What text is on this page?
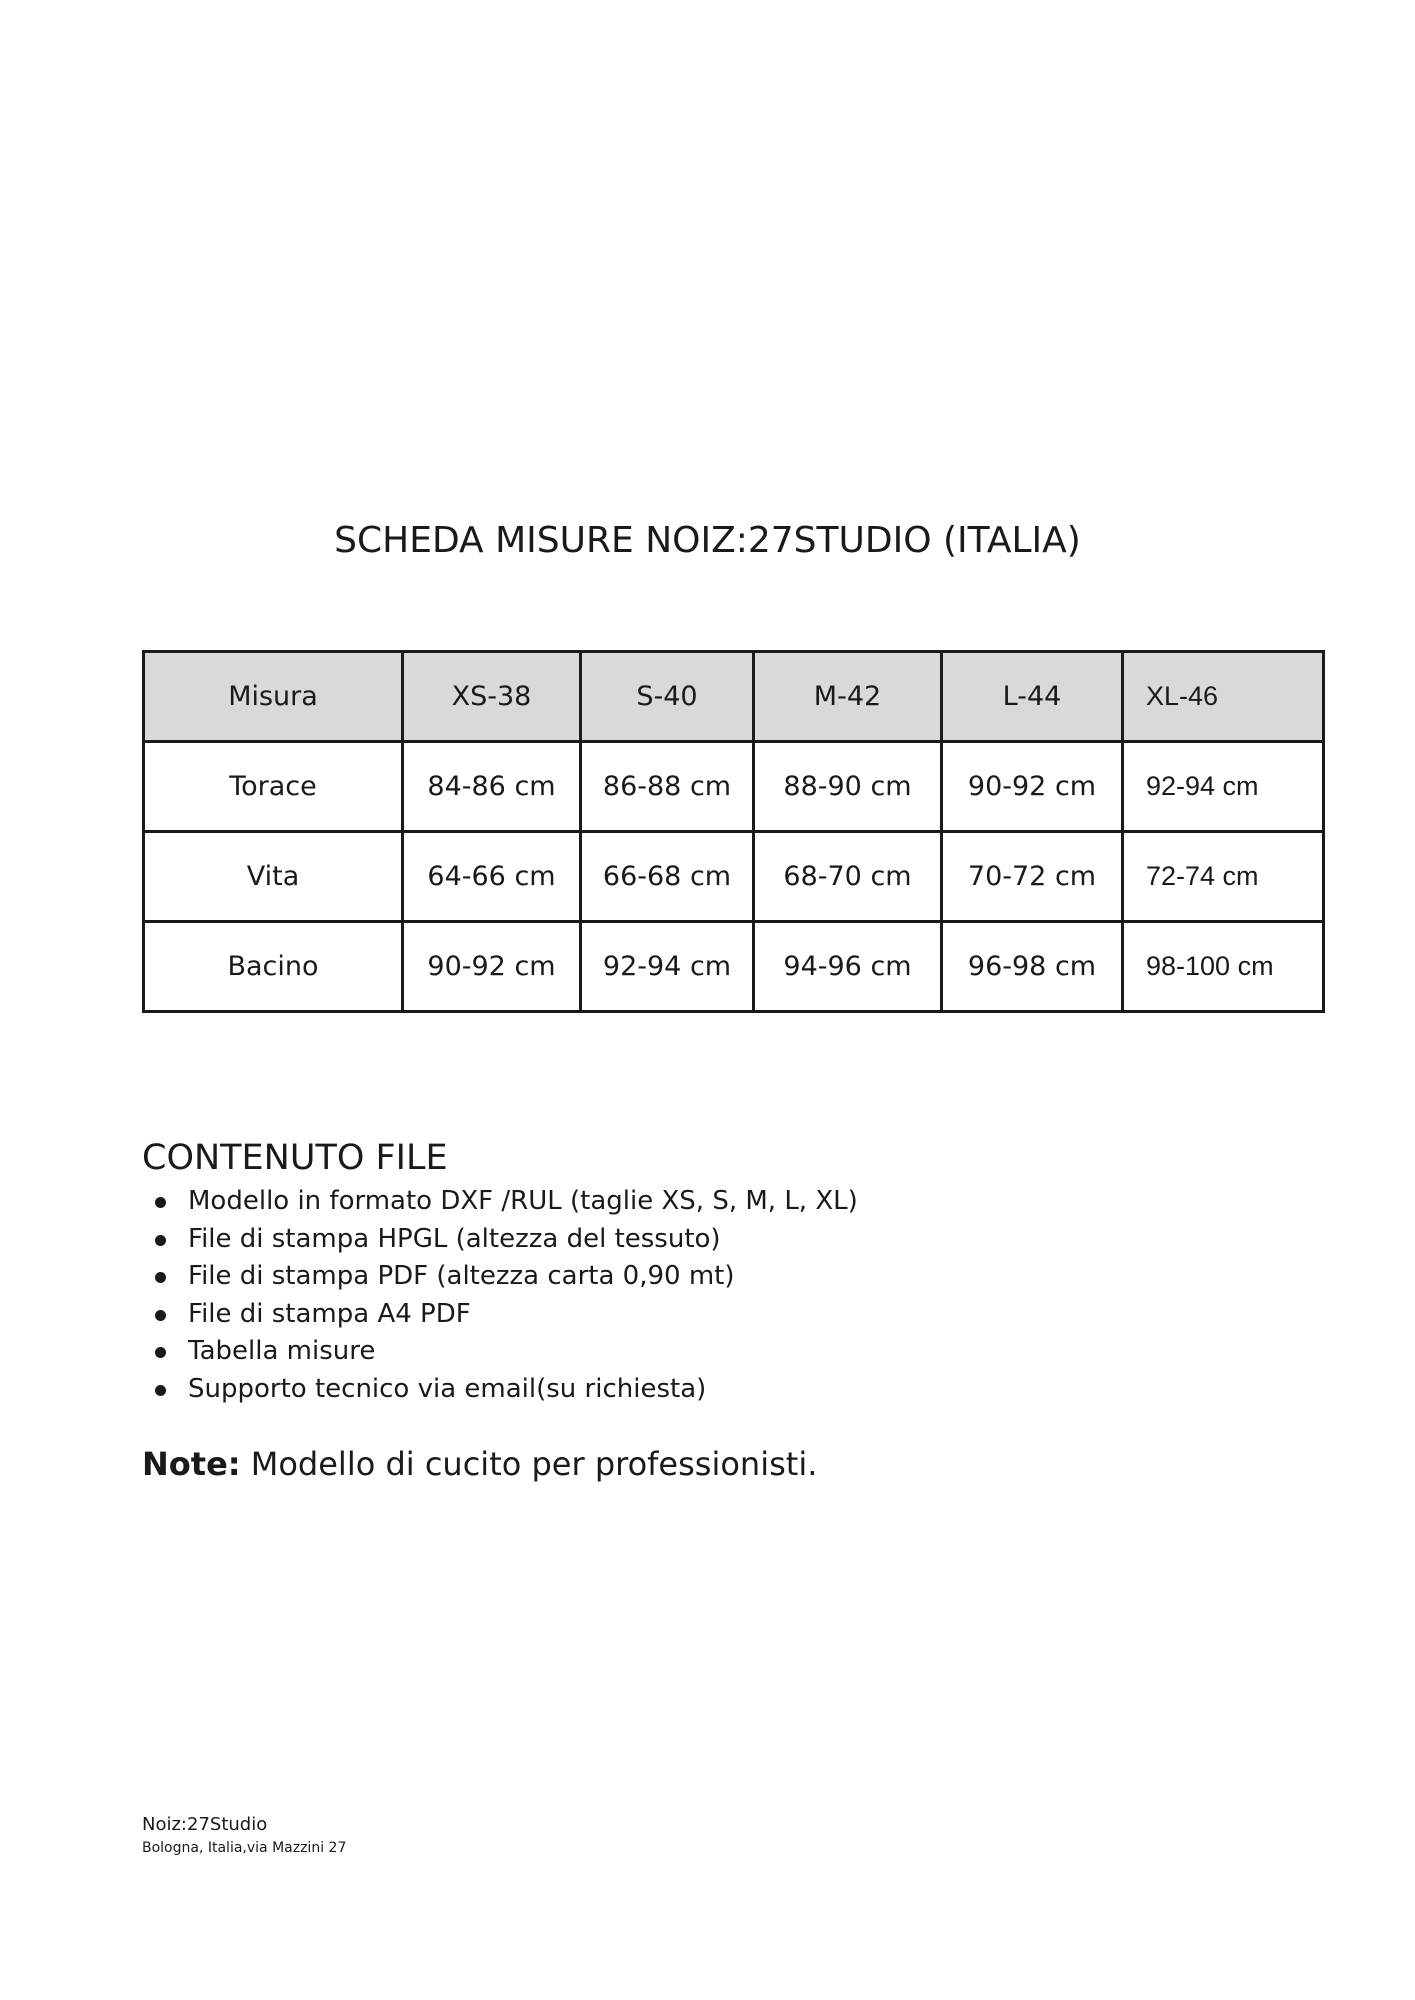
SCHEDA MISURE NOIZ:27STUDIO (ITALIA)
Misura	XS-38	S-40	M-42	L-44	XL-46
Torace	84-86 cm	86-88 cm	88-90 cm	90-92 cm	92-94 cm
Vita	64-66 cm	66-68 cm	68-70 cm	70-72 cm	72-74 cm
Bacino	90-92 cm	92-94 cm	94-96 cm	96-98 cm	98-100 cm
CONTENUTO FILE
Modello in formato DXF /RUL (taglie XS, S, M, L, XL)
File di stampa HPGL (altezza del tessuto)
File di stampa PDF (altezza carta 0,90 mt)
File di stampa A4 PDF
Tabella misure
Supporto tecnico via email(su richiesta)
Note: Modello di cucito per professionisti.
Noiz:27Studio
Bologna, Italia,via Mazzini 27
